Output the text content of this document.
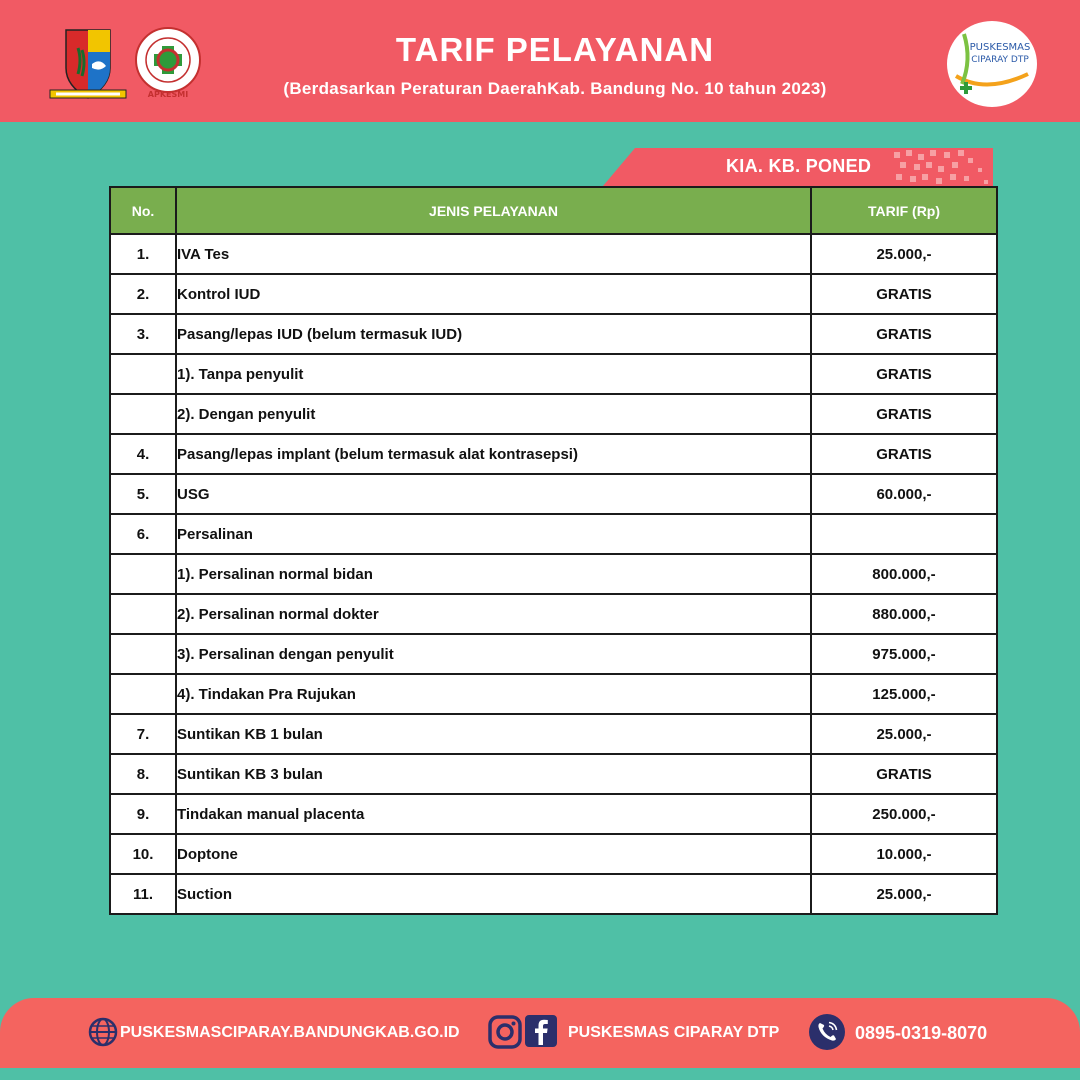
APKESMI
TARIF PELAYANAN
(Berdasarkan Peraturan DaerahKab. Bandung No. 10 tahun 2023)
PUSKESMAS
CIPARAY DTP
KIA. KB. PONED
No.	JENIS PELAYANAN	TARIF (Rp)
1.	IVA Tes	25.000,-
2.	Kontrol IUD	GRATIS
3.	Pasang/lepas IUD (belum termasuk IUD)	GRATIS
	1). Tanpa penyulit	GRATIS
	2). Dengan penyulit	GRATIS
4.	Pasang/lepas implant (belum termasuk alat kontrasepsi)	GRATIS
5.	USG	60.000,-
6.	Persalinan	
	1). Persalinan normal bidan	800.000,-
	2). Persalinan normal dokter	880.000,-
	3). Persalinan dengan penyulit	975.000,-
	4). Tindakan Pra Rujukan	125.000,-
7.	Suntikan KB 1 bulan	25.000,-
8.	Suntikan KB 3 bulan	GRATIS
9.	Tindakan manual placenta	250.000,-
10.	Doptone	10.000,-
11.	Suction	25.000,-
PUSKESMASCIPARAY.BANDUNGKAB.GO.ID	PUSKESMAS CIPARAY DTP	0895-0319-8070
